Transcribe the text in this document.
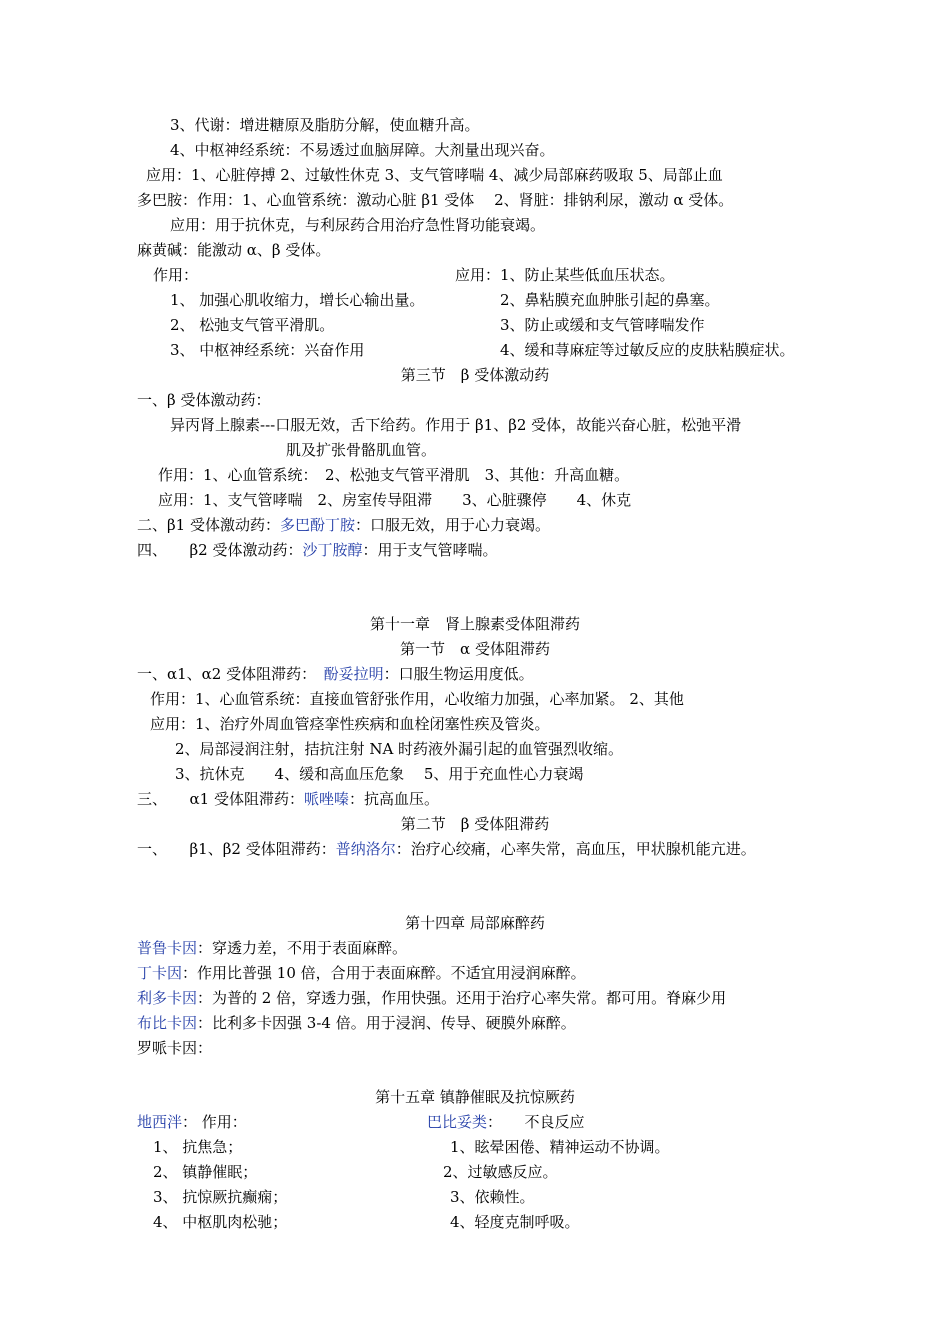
3、代谢：增进糖原及脂肪分解，使血糖升高。
4、中枢神经系统：不易透过血脑屏障。大剂量出现兴奋。
应用：1、心脏停搏 2、过敏性休克 3、支气管哮喘 4、减少局部麻药吸取 5、局部止血
多巴胺：作用：1、心血管系统：激动心脏 β1 受体　 2、肾脏：排钠利尿，激动 α 受体。
应用：用于抗休克，与利尿药合用治疗急性肾功能衰竭。
麻黄碱：能激动 α、β 受体。
作用：	应用：1、防止某些低血压状态。
1、 加强心肌收缩力，增长心输出量。	2、鼻粘膜充血肿胀引起的鼻塞。
2、 松弛支气管平滑肌。	3、防止或缓和支气管哮喘发作
3、 中枢神经系统：兴奋作用	4、缓和荨麻症等过敏反应的皮肤粘膜症状。
第三节　β 受体激动药
一、β 受体激动药：
异丙肾上腺素---口服无效，舌下给药。作用于 β1、β2 受体，故能兴奋心脏，松弛平滑
肌及扩张骨骼肌血管。
作用：1、心血管系统：　2、松弛支气管平滑肌　3、其他：升高血糖。
应用：1、支气管哮喘　2、房室传导阻滞　　3、心脏骤停　　4、休克
二、β1 受体激动药：多巴酚丁胺：口服无效，用于心力衰竭。
四、　　β2 受体激动药：沙丁胺醇：用于支气管哮喘。
第十一章　肾上腺素受体阻滞药
第一节　α 受体阻滞药
一、α1、α2 受体阻滞药：　酚妥拉明：口服生物运用度低。
作用：1、心血管系统：直接血管舒张作用，心收缩力加强，心率加紧。 2、其他
应用：1、治疗外周血管痉挛性疾病和血栓闭塞性疾及管炎。
2、局部浸润注射，拮抗注射 NA 时药液外漏引起的血管强烈收缩。
3、抗休克　　4、缓和高血压危象　 5、用于充血性心力衰竭
三、　　α1 受体阻滞药：哌唑嗪：抗高血压。
第二节　β 受体阻滞药
一、　　β1、β2 受体阻滞药：普纳洛尔：治疗心绞痛，心率失常，高血压，甲状腺机能亢进。
第十四章 局部麻醉药
普鲁卡因：穿透力差，不用于表面麻醉。
丁卡因：作用比普强 10 倍，合用于表面麻醉。不适宜用浸润麻醉。
利多卡因：为普的 2 倍，穿透力强，作用快强。还用于治疗心率失常。都可用。脊麻少用
布比卡因：比利多卡因强 3-4 倍。用于浸润、传导、硬膜外麻醉。
罗哌卡因：
第十五章 镇静催眠及抗惊厥药
地西泮： 作用：	巴比妥类：　　不良反应
1、 抗焦急；	1、眩晕困倦、精神运动不协调。
2、 镇静催眠；	2、过敏感反应。
3、 抗惊厥抗癫痫；	3、依赖性。
4、 中枢肌肉松驰；	4、轻度克制呼吸。
